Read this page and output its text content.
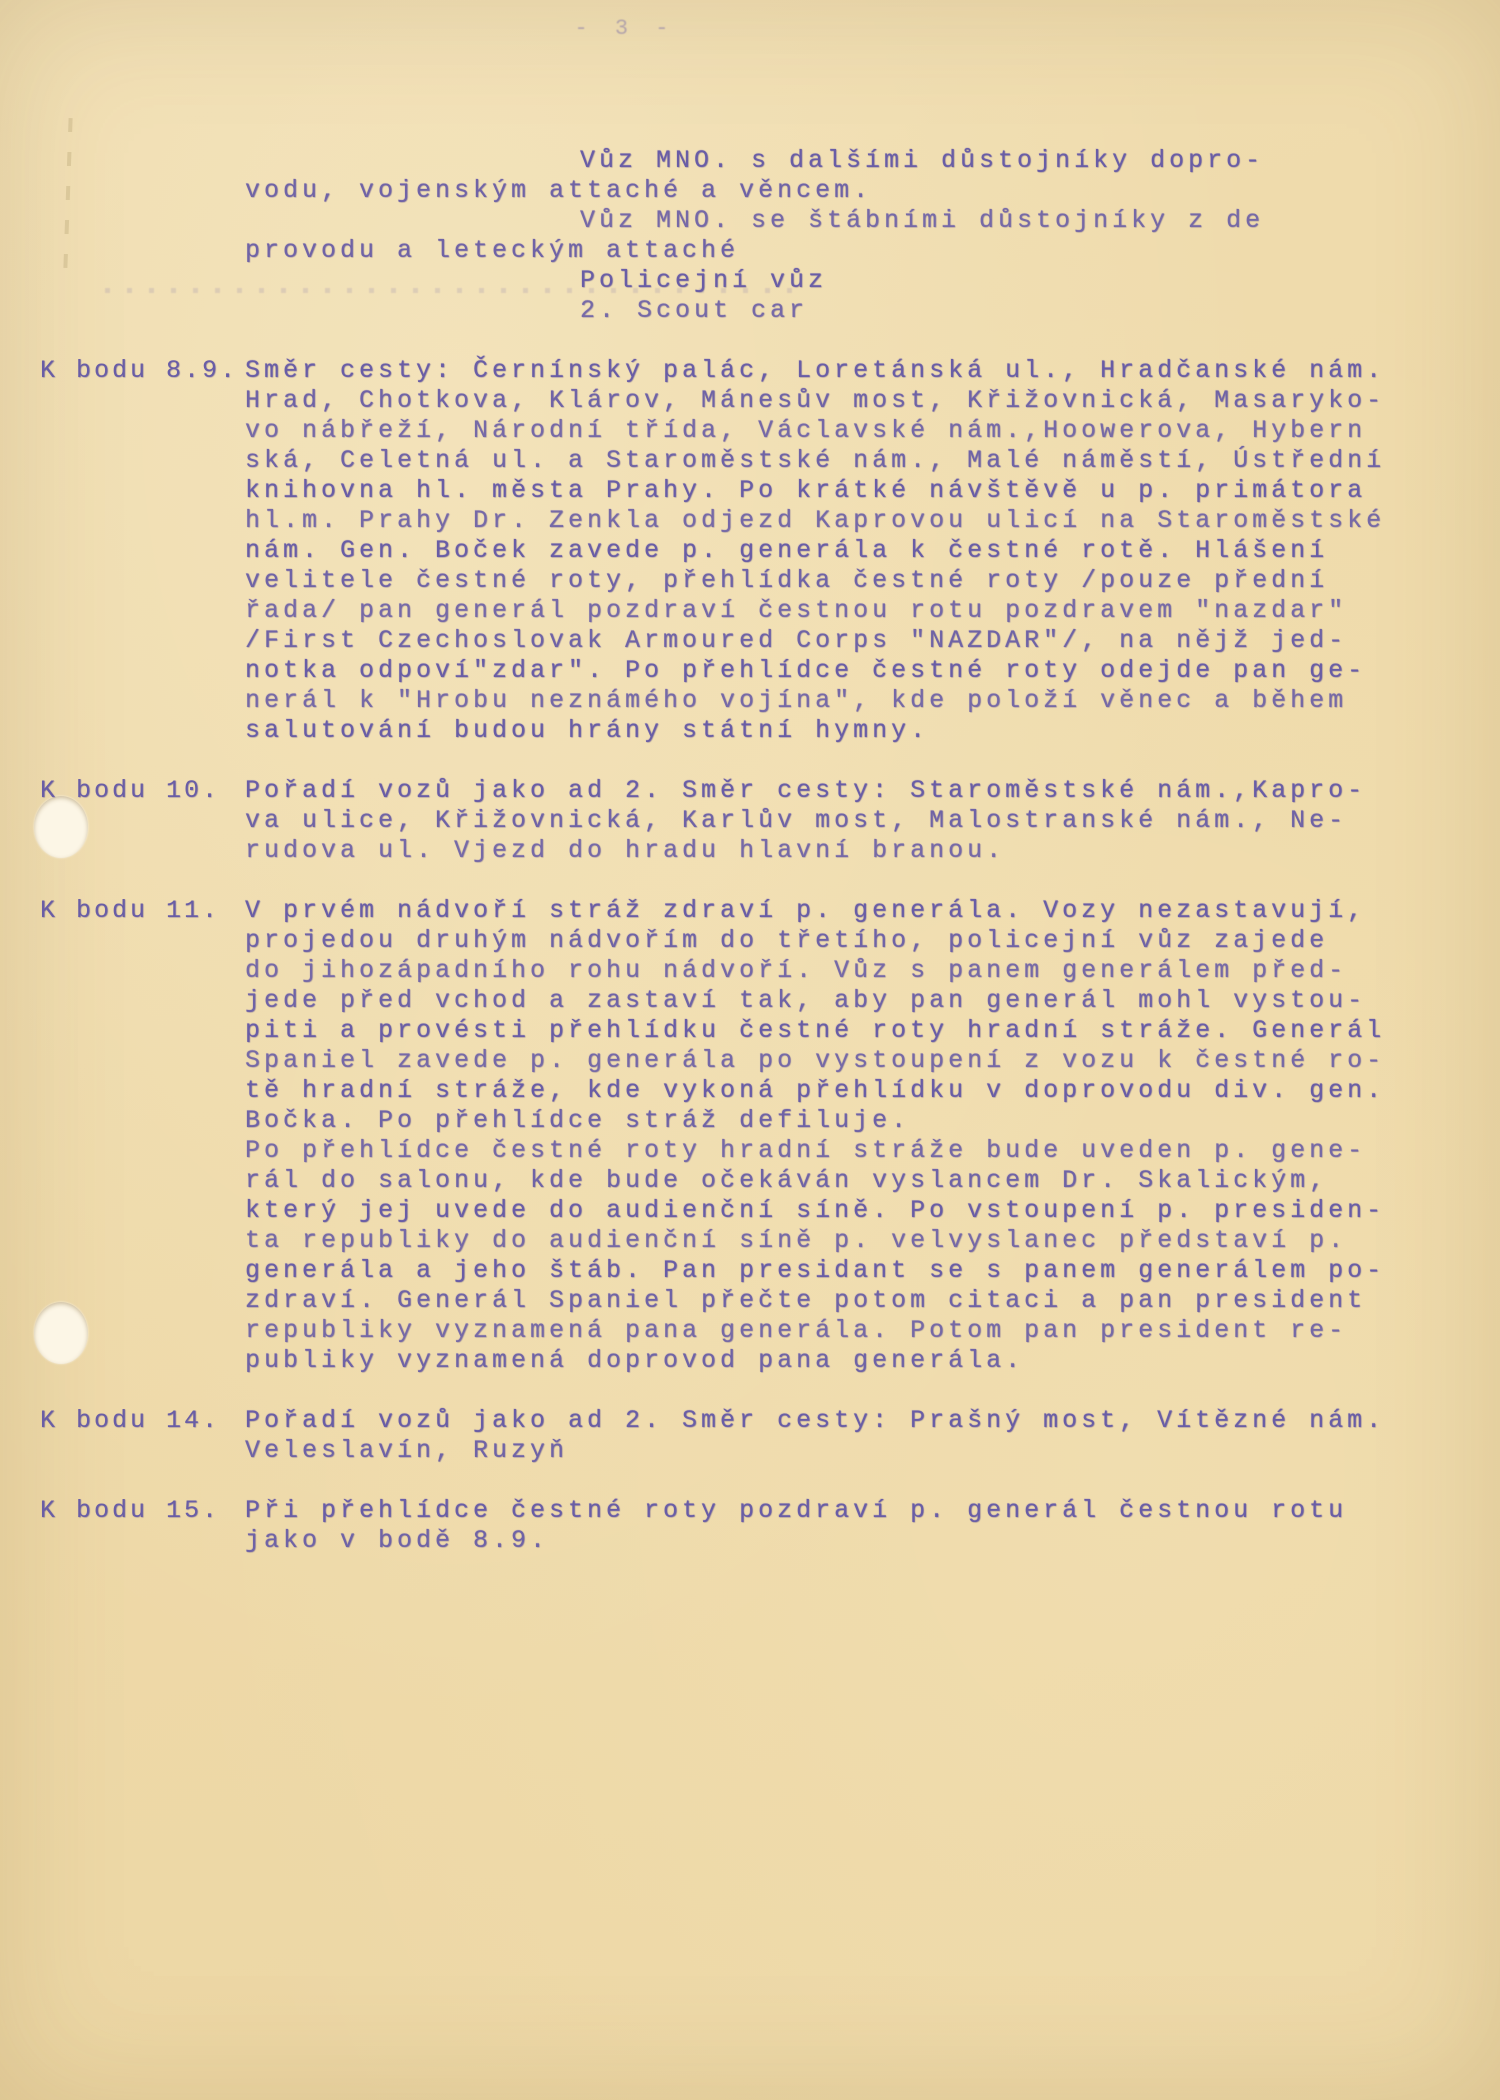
- 3 -
Vůz MNO. s dalšími důstojníky dopro-
vodu, vojenským attaché a věncem.
Vůz MNO. se štábními důstojníky z de
provodu a leteckým attaché
Policejní vůz
2. Scout car
K bodu 8.9. Směr cesty: Černínský palác, Loretánská ul., Hradčanské nám.
Hrad, Chotkova, Klárov, Mánesův most, Křižovnická, Masaryko-
vo nábřeží, Národní třída, Václavské nám.,Hoowerova, Hybern
ská, Celetná ul. a Staroměstské nám., Malé náměstí, Ústřední
knihovna hl. města Prahy. Po krátké návštěvě u p. primátora
hl.m. Prahy Dr. Zenkla odjezd Kaprovou ulicí na Staroměstské
nám. Gen. Boček zavede p. generála k čestné rotě. Hlášení
velitele čestné roty, přehlídka čestné roty /pouze přední
řada/ pan generál pozdraví čestnou rotu pozdravem "nazdar"
/First Czechoslovak Armoured Corps "NAZDAR"/, na nějž jed-
notka odpoví"zdar". Po přehlídce čestné roty odejde pan ge-
nerál k "Hrobu neznámého vojína", kde položí věnec a během
salutování budou hrány státní hymny.
K bodu 10. Pořadí vozů jako ad 2. Směr cesty: Staroměstské nám.,Kapro-
va ulice, Křižovnická, Karlův most, Malostranské nám., Ne-
rudova ul. Vjezd do hradu hlavní branou.
K bodu 11. V prvém nádvoří stráž zdraví p. generála. Vozy nezastavují,
projedou druhým nádvořím do třetího, policejní vůz zajede
do jihozápadního rohu nádvoří. Vůz s panem generálem před-
jede před vchod a zastaví tak, aby pan generál mohl vystou-
piti a provésti přehlídku čestné roty hradní stráže. Generál
Spaniel zavede p. generála po vystoupení z vozu k čestné ro-
tě hradní stráže, kde vykoná přehlídku v doprovodu div. gen.
Bočka. Po přehlídce stráž defiluje.
Po přehlídce čestné roty hradní stráže bude uveden p. gene-
rál do salonu, kde bude očekáván vyslancem Dr. Skalickým,
který jej uvede do audienční síně. Po vstoupení p. presiden-
ta republiky do audienční síně p. velvyslanec představí p.
generála a jeho štáb. Pan presidant se s panem generálem po-
zdraví. Generál Spaniel přečte potom citaci a pan president
republiky vyznamená pana generála. Potom pan president re-
publiky vyznamená doprovod pana generála.
K bodu 14. Pořadí vozů jako ad 2. Směr cesty: Prašný most, Vítězné nám.
Veleslavín, Ruzyň
K bodu 15. Při přehlídce čestné roty pozdraví p. generál čestnou rotu
jako v bodě 8.9.
